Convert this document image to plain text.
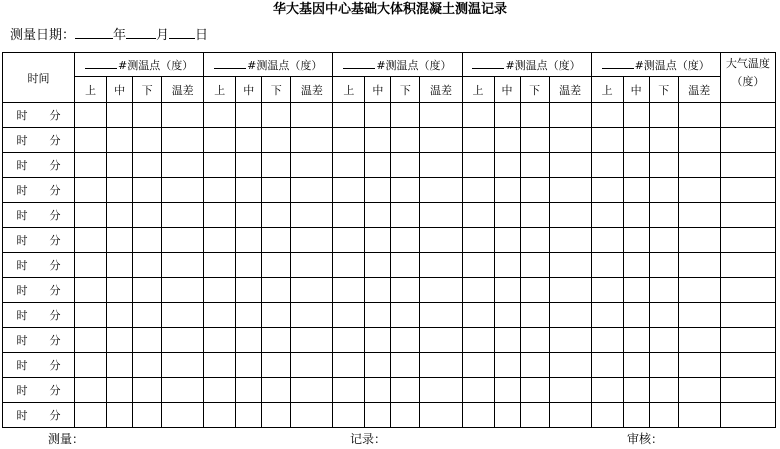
华大基因中心基础大体积混凝土测温记录
测量日期：	年 月 日
时间	#测温点（度）				#测温点（度）				#测温点（度）				#测温点（度）				#测温点（度）				大气温度
（度）

	上	中	下	温差	上	中	下	温差	上	中	下	温差	上	中	下	温差	上	中	下	温差	
时 分																					
时 分																					
时 分																					
时 分																					
时 分																					
时 分																					
时 分																					
时 分																					
时 分																					
时 分																					
时 分																					
时 分																					
时 分																					
测量：	记录：	审核：
